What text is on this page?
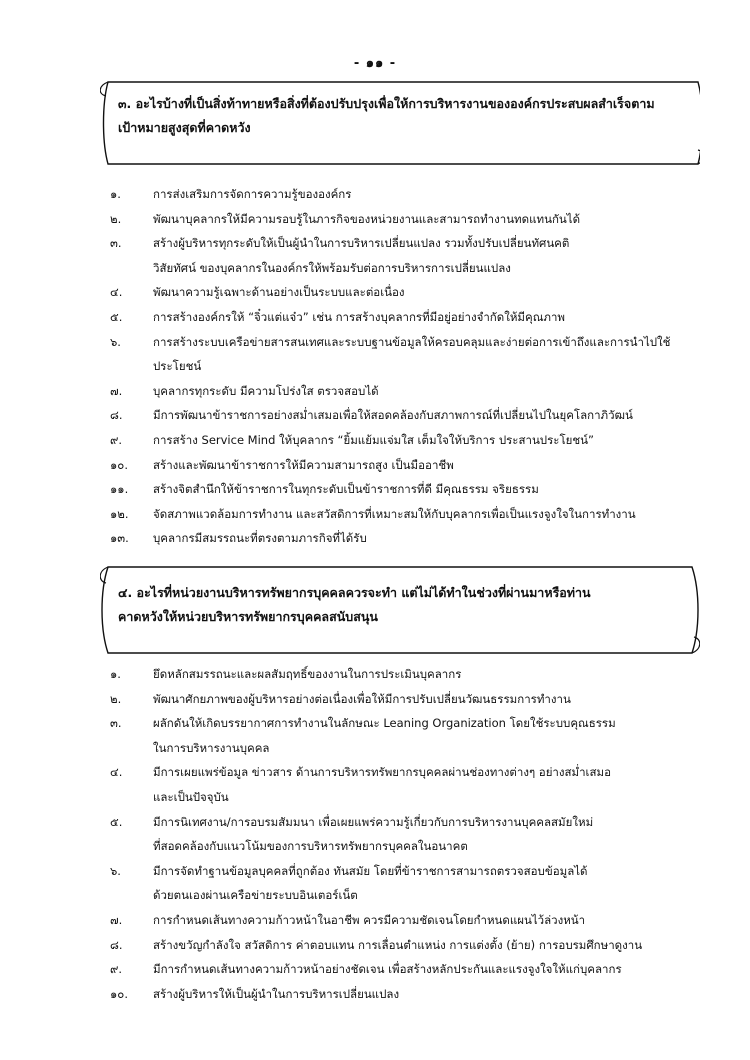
- ๑๑ -
๓. อะไรบ้างที่เป็นสิ่งท้าทายหรือสิ่งที่ต้องปรับปรุงเพื่อให้การบริหารงานขององค์กรประสบผลสำเร็จตาม
เป้าหมายสูงสุดที่คาดหวัง
๑.	การส่งเสริมการจัดการความรู้ขององค์กร
๒.	พัฒนาบุคลากรให้มีความรอบรู้ในภารกิจของหน่วยงานและสามารถทำงานทดแทนกันได้
๓.	สร้างผู้บริหารทุกระดับให้เป็นผู้นำในการบริหารเปลี่ยนแปลง รวมทั้งปรับเปลี่ยนทัศนคติ
วิสัยทัศน์ ของบุคลากรในองค์กรให้พร้อมรับต่อการบริหารการเปลี่ยนแปลง
๔.	พัฒนาความรู้เฉพาะด้านอย่างเป็นระบบและต่อเนื่อง
๕.	การสร้างองค์กรให้ “จิ๋วแต่แจ๋ว” เช่น การสร้างบุคลากรที่มีอยู่อย่างจำกัดให้มีคุณภาพ
๖.	การสร้างระบบเครือข่ายสารสนเทศและระบบฐานข้อมูลให้ครอบคลุมและง่ายต่อการเข้าถึงและการนำไปใช้
ประโยชน์
๗.	บุคลากรทุกระดับ มีความโปร่งใส ตรวจสอบได้
๘.	มีการพัฒนาข้าราชการอย่างสม่ำเสมอเพื่อให้สอดคล้องกับสภาพการณ์ที่เปลี่ยนไปในยุคโลกาภิวัฒน์
๙.	การสร้าง Service Mind ให้บุคลากร “ยิ้มแย้มแจ่มใส เต็มใจให้บริการ ประสานประโยชน์”
๑๐. สร้างและพัฒนาข้าราชการให้มีความสามารถสูง เป็นมืออาชีพ
๑๑. สร้างจิตสำนึกให้ข้าราชการในทุกระดับเป็นข้าราชการที่ดี มีคุณธรรม จริยธรรม
๑๒. จัดสภาพแวดล้อมการทำงาน และสวัสดิการที่เหมาะสมให้กับบุคลากรเพื่อเป็นแรงจูงใจในการทำงาน
๑๓. บุคลากรมีสมรรถนะที่ตรงตามภารกิจที่ได้รับ
๔. อะไรที่หน่วยงานบริหารทรัพยากรบุคคลควรจะทำ แต่ไม่ได้ทำในช่วงที่ผ่านมาหรือท่าน
คาดหวังให้หน่วยบริหารทรัพยากรบุคคลสนับสนุน
๑.	ยึดหลักสมรรถนะและผลสัมฤทธิ์ของงานในการประเมินบุคลากร
๒.	พัฒนาศักยภาพของผู้บริหารอย่างต่อเนื่องเพื่อให้มีการปรับเปลี่ยนวัฒนธรรมการทำงาน
๓.	ผลักดันให้เกิดบรรยากาศการทำงานในลักษณะ Leaning Organization โดยใช้ระบบคุณธรรม
ในการบริหารงานบุคคล
๔.	มีการเผยแพร่ข้อมูล ข่าวสาร ด้านการบริหารทรัพยากรบุคคลผ่านช่องทางต่างๆ อย่างสม่ำเสมอ
และเป็นปัจจุบัน
๕.	มีการนิเทศงาน/การอบรมสัมมนา เพื่อเผยแพร่ความรู้เกี่ยวกับการบริหารงานบุคคลสมัยใหม่
ที่สอดคล้องกับแนวโน้มของการบริหารทรัพยากรบุคคลในอนาคต
๖.	มีการจัดทำฐานข้อมูลบุคคลที่ถูกต้อง ทันสมัย โดยที่ข้าราชการสามารถตรวจสอบข้อมูลได้
ด้วยตนเองผ่านเครือข่ายระบบอินเตอร์เน็ต
๗.	การกำหนดเส้นทางความก้าวหน้าในอาชีพ ควรมีความชัดเจนโดยกำหนดแผนไว้ล่วงหน้า
๘.	สร้างขวัญกำลังใจ สวัสดิการ ค่าตอบแทน การเลื่อนตำแหน่ง การแต่งตั้ง (ย้าย) การอบรมศึกษาดูงาน
๙.	มีการกำหนดเส้นทางความก้าวหน้าอย่างชัดเจน เพื่อสร้างหลักประกันและแรงจูงใจให้แก่บุคลากร
๑๐. สร้างผู้บริหารให้เป็นผู้นำในการบริหารเปลี่ยนแปลง
